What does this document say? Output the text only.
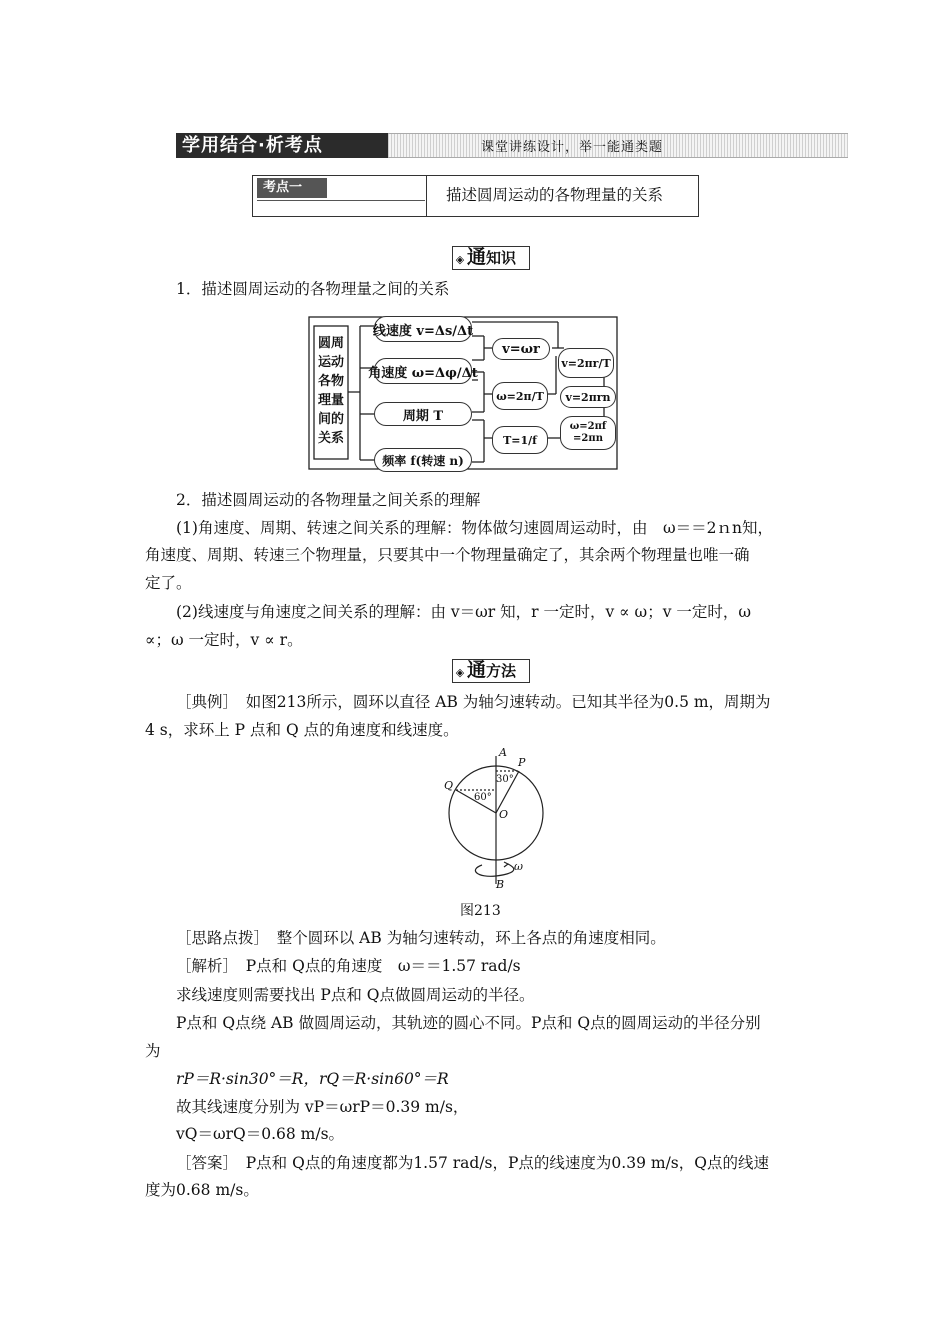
学用结合·析考点	课堂讲练设计，举一能通类题
考点一	描述圆周运动的各物理量的关系
◈ 通知识
1．描述圆周运动的各物理量之间的关系
圆周
运动
各物
理量
间的
关系
线速度 v=Δs/Δt
角速度 ω=Δφ/Δt
周期 T
频率 f(转速 n)
v=ωr
v=2πr/T
ω=2π/T
T=1/f
ω=2πf =2πn
v=2πrn
2．描述圆周运动的各物理量之间关系的理解
(1)角速度、周期、转速之间关系的理解：物体做匀速圆周运动时，由　ω＝＝2ｎn知，
角速度、周期、转速三个物理量，只要其中一个物理量确定了，其余两个物理量也唯一确
定了。
(2)线速度与角速度之间关系的理解：由 v＝ωr 知，r 一定时，v ∝ ω；v 一定时，ω
∝；ω 一定时，v ∝ r。
◈ 通方法
［典例］　如图213所示，圆环以直径 AB 为轴匀速转动。已知其半径为0.5 m，周期为
4 s，求环上 P 点和 Q 点的角速度和线速度。
A
P
Q
O
B
30°
60°
ω
图213
［思路点拨］　整个圆环以 AB 为轴匀速转动，环上各点的角速度相同。
［解析］　P点和 Q点的角速度　ω＝＝1.57 rad/s
求线速度则需要找出 P点和 Q点做圆周运动的半径。
P点和 Q点绕 AB 做圆周运动，其轨迹的圆心不同。P点和 Q点的圆周运动的半径分别
为
rP＝R·sin30°＝R，rQ＝R·sin60°＝R
故其线速度分别为 vP＝ωrP＝0.39 m/s，
vQ＝ωrQ＝0.68 m/s。
［答案］　P点和 Q点的角速度都为1.57 rad/s，P点的线速度为0.39 m/s，Q点的线速
度为0.68 m/s。
